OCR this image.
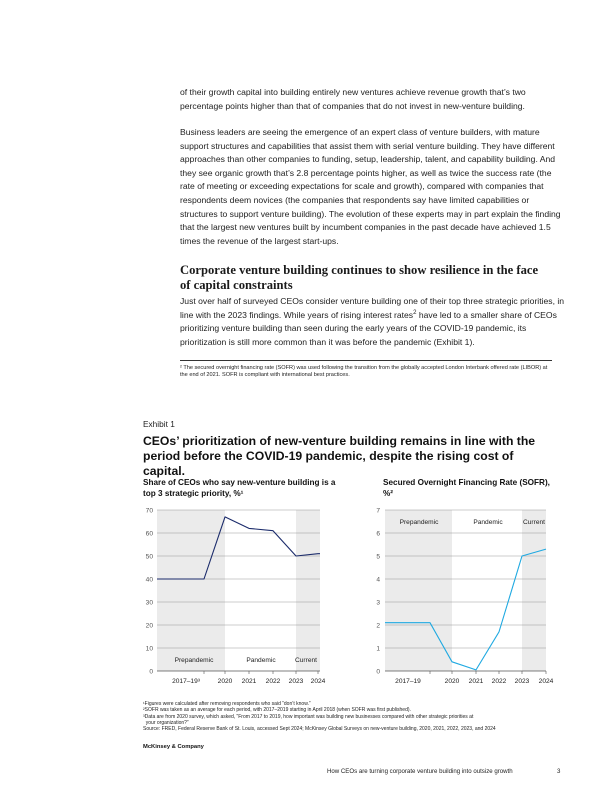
of their growth capital into building entirely new ventures achieve revenue growth that’s two percentage points higher than that of companies that do not invest in new-venture building.
Business leaders are seeing the emergence of an expert class of venture builders, with mature support structures and capabilities that assist them with serial venture building. They have different approaches than other companies to funding, setup, leadership, talent, and capability building. And they see organic growth that’s 2.8 percentage points higher, as well as twice the success rate (the rate of meeting or exceeding expectations for scale and growth), compared with companies that respondents deem novices (the companies that respondents say have limited capabilities or structures to support venture building). The evolution of these experts may in part explain the finding that the largest new ventures built by incumbent companies in the past decade have achieved 1.5 times the revenue of the largest start-ups.
Corporate venture building continues to show resilience in the face of capital constraints
Just over half of surveyed CEOs consider venture building one of their top three strategic priorities, in line with the 2023 findings. While years of rising interest rates$^2$ have led to a smaller share of CEOs prioritizing venture building than seen during the early years of the COVID-19 pandemic, its prioritization is still more common than it was before the pandemic (Exhibit 1).
² The secured overnight financing rate (SOFR) was used following the transition from the globally accepted London Interbank offered rate (LIBOR) at the end of 2021. SOFR is compliant with international best practices.
Exhibit 1
CEOs’ prioritization of new-venture building remains in line with the period before the COVID-19 pandemic, despite the rising cost of capital.
Share of CEOs who say new-venture building is a top 3 strategic priority, %¹
Secured Overnight Financing Rate (SOFR), %²
0
10
20
30
40
50
60
70
Prepandemic	Pandemic	Current
2017–19³	2020 2021 2022 2023 2024
0
1
2
3
4
5
6
7
Prepandemic	Pandemic	Current
2017–19	2020 2021 2022 2023 2024
¹Figures were calculated after removing respondents who said “don’t know.”
²SOFR was taken as an average for each period, with 2017–2019 starting in April 2018 (when SOFR was first published).
³Data are from 2020 survey, which asked, “From 2017 to 2019, how important was building new businesses compared with other strategic priorities at
your organization?”
Source: FRED, Federal Reserve Bank of St. Louis, accessed Sept 2024; McKinsey Global Surveys on new-venture building, 2020, 2021, 2022, 2023, and 2024
McKinsey & Company
How CEOs are turning corporate venture building into outsize growth	3
